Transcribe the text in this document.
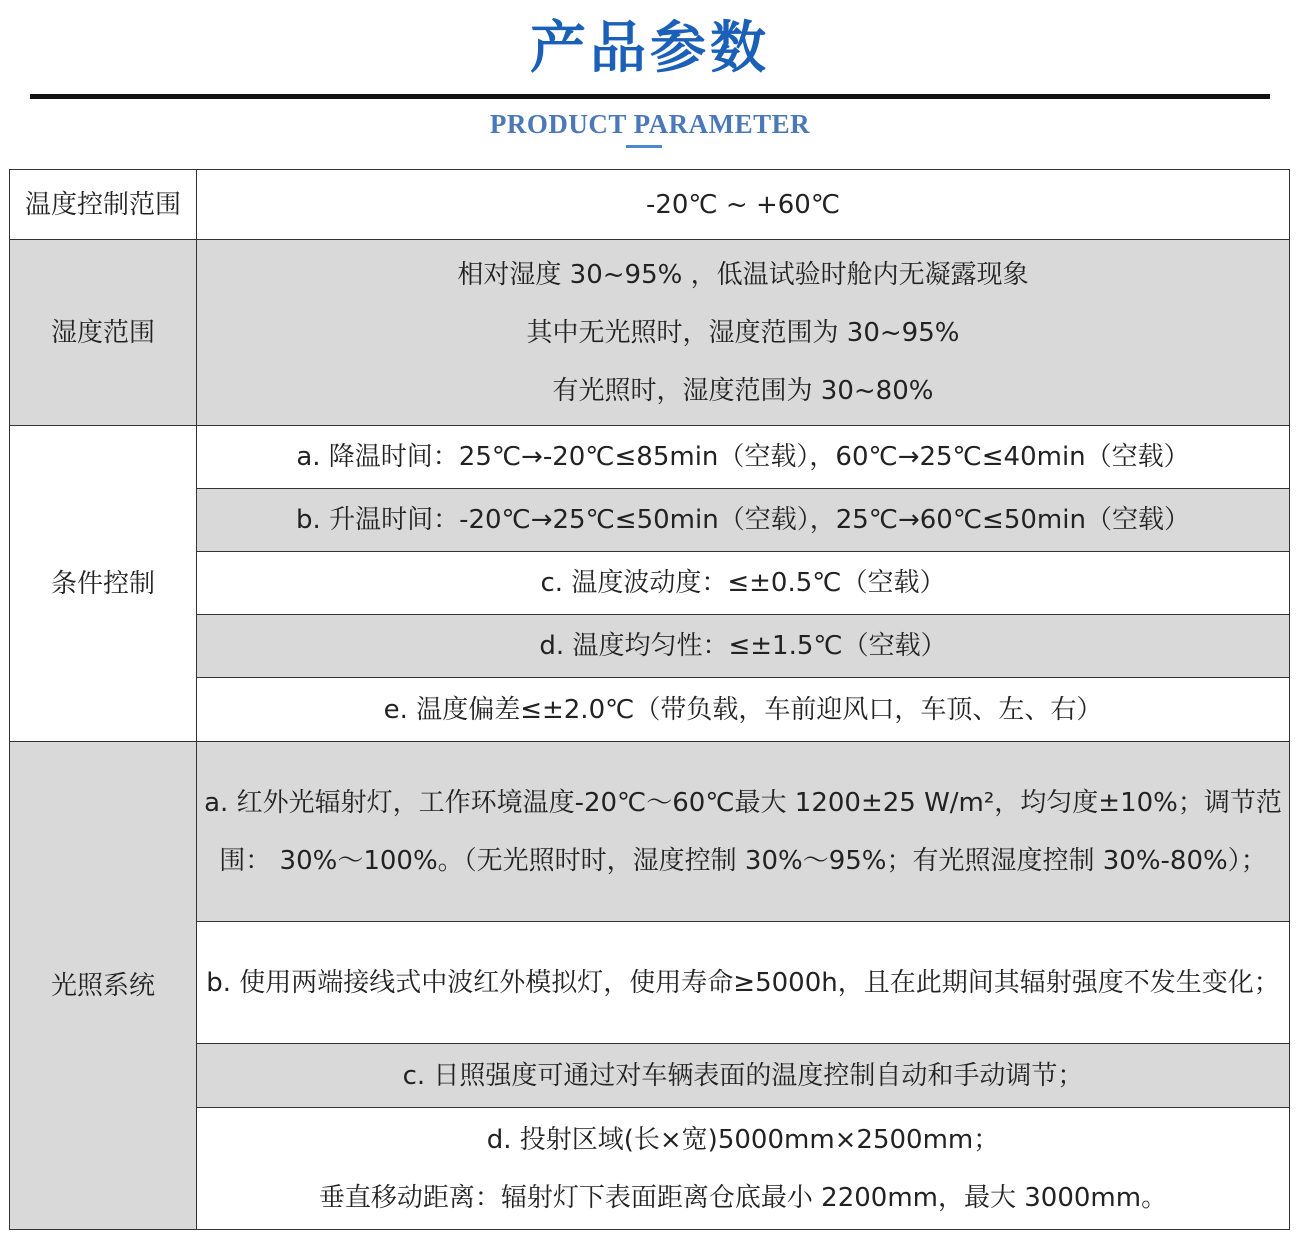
产品参数
PRODUCT PARAMETER
温度控制范围	-20℃ ~ +60℃
湿度范围	相对湿度 30~95% ，低温试验时舱内无凝露现象
其中无光照时，湿度范围为 30~95%
有光照时，湿度范围为 30~80%

条件控制	a. 降温时间：25℃→-20℃≤85min（空载），60℃→25℃≤40min（空载）
	b. 升温时间：-20℃→25℃≤50min（空载），25℃→60℃≤50min（空载）
	c. 温度波动度：≤±0.5℃（空载）
	d. 温度均匀性：≤±1.5℃（空载）
	e. 温度偏差≤±2.0℃（带负载，车前迎风口，车顶、左、右）
光照系统	a. 红外光辐射灯，工作环境温度-20℃～60℃最大 1200±25 W/m²，均匀度±10%；调节范围： 30%～100%。（无光照时时，湿度控制 30%～95%；有光照湿度控制 30%-80%）；

	b. 使用两端接线式中波红外模拟灯，使用寿命≥5000h，且在此期间其辐射强度不发生变化；

	c. 日照强度可通过对车辆表面的温度控制自动和手动调节；

	d. 投射区域(长×宽)5000mm×2500mm；
垂直移动距离：辐射灯下表面距离仓底最小 2200mm，最大 3000mm。
